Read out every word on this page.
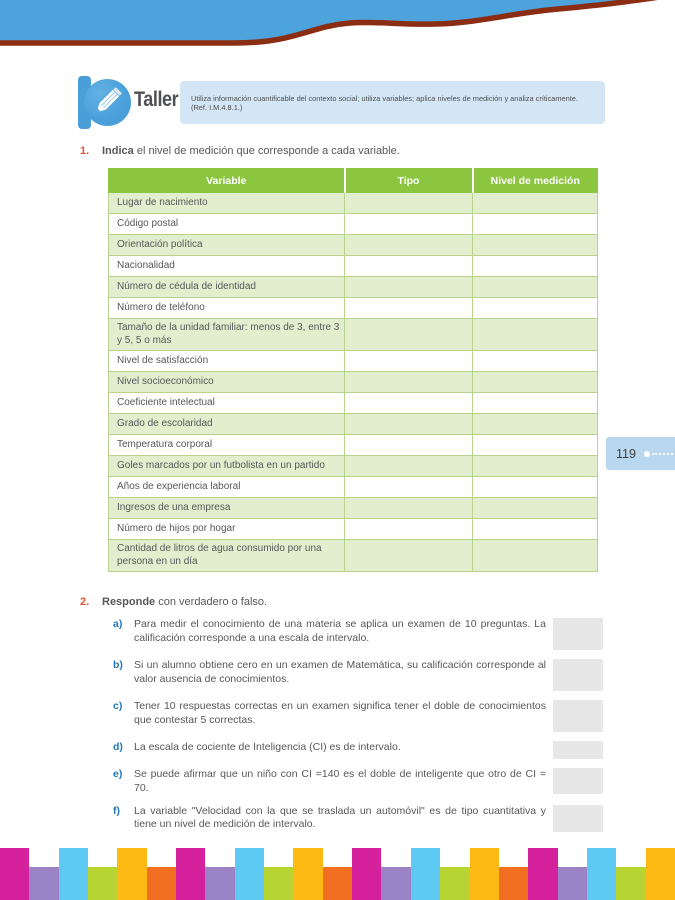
Taller Utiliza información cuantificable del contexto social; utiliza variables; aplica niveles de medición y analiza críticamente. (Ref. I.M.4.8.1.)
1.	Indica el nivel de medición que corresponde a cada variable.
Variable	Tipo	Nivel de medición
Lugar de nacimiento		
Código postal		
Orientación política		
Nacionalidad		
Número de cédula de identidad		
Número de teléfono		
Tamaño de la unidad familiar: menos de 3, entre 3 y 5, 5 o más		
Nivel de satisfacción		
Nivel socioeconómico		
Coeficiente intelectual		
Grado de escolaridad		
Temperatura corporal		
Goles marcados por un futbolista en un partido		
Años de experiencia laboral		
Ingresos de una empresa		
Número de hijos por hogar		
Cantidad de litros de agua consumido por una persona en un día		
119
2.	Responde con verdadero o falso.
a)	Para medir el conocimiento de una materia se aplica un examen de 10 preguntas. La calificación corresponde a una escala de intervalo.
b)	Si un alumno obtiene cero en un examen de Matemática, su calificación corresponde al valor ausencia de conocimientos.
c)	Tener 10 respuestas correctas en un examen significa tener el doble de conocimientos que contestar 5 correctas.
d)	La escala de cociente de Inteligencia (CI) es de intervalo.
e)	Se puede afirmar que un niño con CI =140 es el doble de inteligente que otro de CI = 70.
f)	La variable "Velocidad con la que se traslada un automóvil" es de tipo cuantitativa y tiene un nivel de medición de intervalo.
